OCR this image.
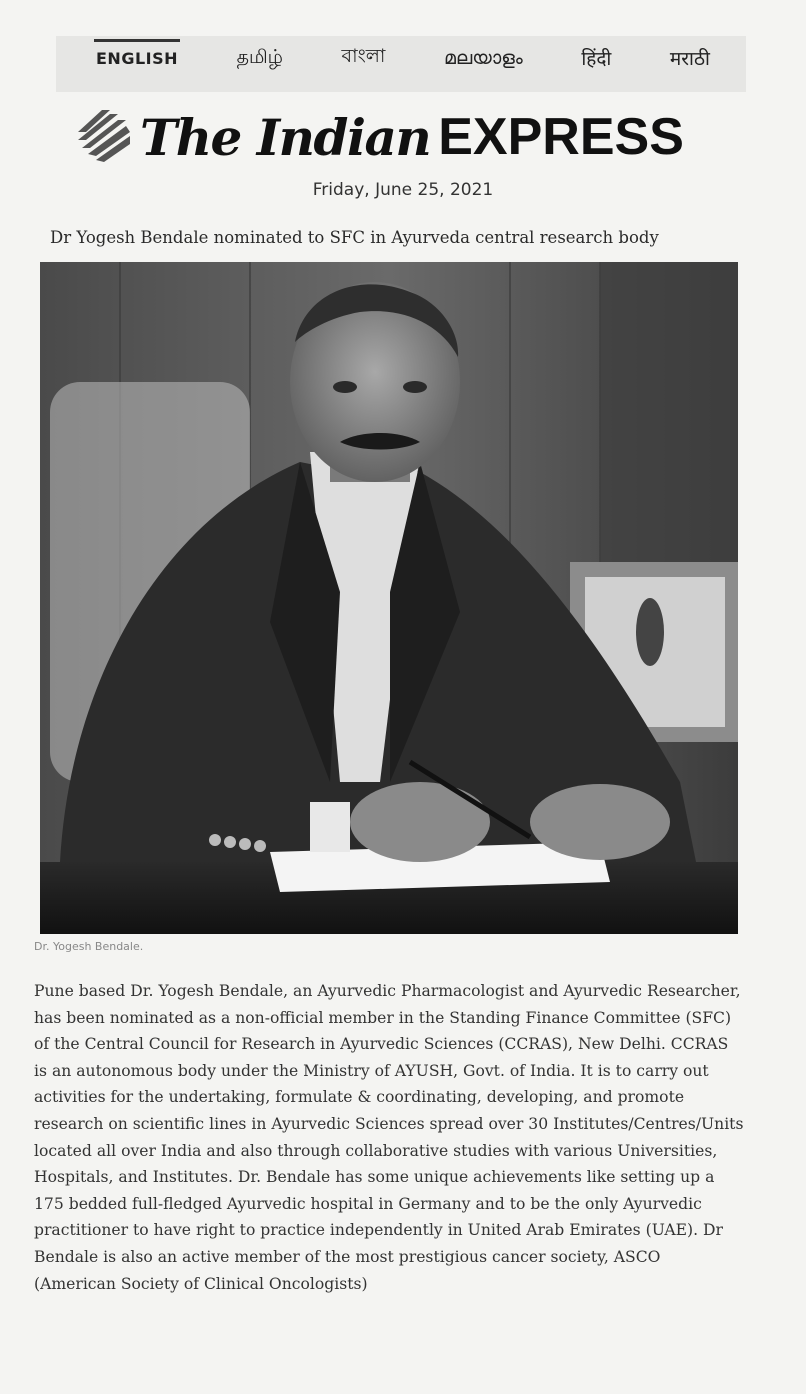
ENGLISH	தமிழ்	বাংলা	മലയാളം	हिंदी	मराठी
The Indian EXPRESS
Friday, June 25, 2021
Dr Yogesh Bendale nominated to SFC in Ayurveda central research body
Dr. Yogesh Bendale.

Pune based Dr. Yogesh Bendale, an Ayurvedic Pharmacologist and Ayurvedic Researcher, has been nominated as a non-official member in the Standing Finance Committee (SFC) of the Central Council for Research in Ayurvedic Sciences (CCRAS), New Delhi. CCRAS is an autonomous body under the Ministry of AYUSH, Govt. of India. It is to carry out activities for the undertaking, formulate & coordinating, developing, and promote research on scientific lines in Ayurvedic Sciences spread over 30 Institutes/Centres/Units located all over India and also through collaborative studies with various Universities, Hospitals, and Institutes. Dr. Bendale has some unique achievements like setting up a 175 bedded full-fledged Ayurvedic hospital in Germany and to be the only Ayurvedic practitioner to have right to practice independently in United Arab Emirates (UAE). Dr Bendale is also an active member of the most prestigious cancer society, ASCO (American Society of Clinical Oncologists)
